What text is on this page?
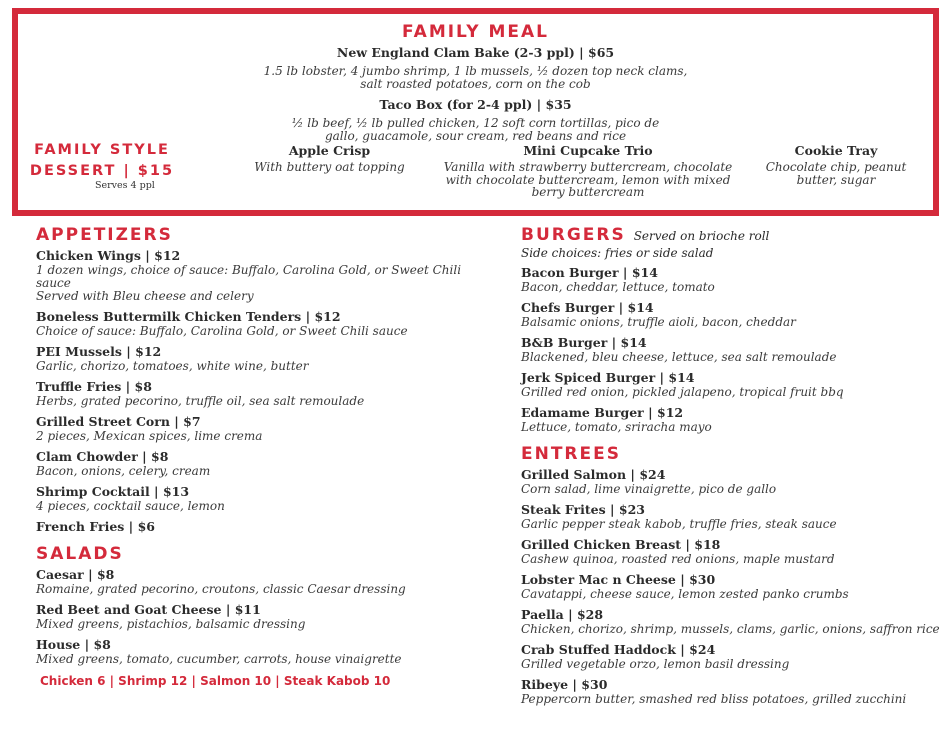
FAMILY MEAL
New England Clam Bake (2-3 ppl) | $65
1.5 lb lobster, 4 jumbo shrimp, 1 lb mussels, ½ dozen top neck clams,
salt roasted potatoes, corn on the cob
Taco Box (for 2-4 ppl) | $35
½ lb beef, ½ lb pulled chicken, 12 soft corn tortillas, pico de
gallo, guacamole, sour cream, red beans and rice
FAMILY STYLE
DESSERT | $15
Serves 4 ppl
Apple Crisp
With buttery oat topping
Mini Cupcake Trio
Vanilla with strawberry buttercream, chocolate with chocolate buttercream, lemon with mixed berry buttercream
Cookie Tray
Chocolate chip, peanut butter, sugar
APPETIZERS
Chicken Wings | $12
1 dozen wings, choice of sauce: Buffalo, Carolina Gold, or Sweet Chili sauce
Served with Bleu cheese and celery
Boneless Buttermilk Chicken Tenders | $12
Choice of sauce: Buffalo, Carolina Gold, or Sweet Chili sauce
PEI Mussels | $12
Garlic, chorizo, tomatoes, white wine, butter
Truffle Fries | $8
Herbs, grated pecorino, truffle oil, sea salt remoulade
Grilled Street Corn | $7
2 pieces, Mexican spices, lime crema
Clam Chowder | $8
Bacon, onions, celery, cream
Shrimp Cocktail | $13
4 pieces, cocktail sauce, lemon
French Fries | $6
SALADS
Caesar | $8
Romaine, grated pecorino, croutons, classic Caesar dressing
Red Beet and Goat Cheese | $11
Mixed greens, pistachios, balsamic dressing
House | $8
Mixed greens, tomato, cucumber, carrots, house vinaigrette
Chicken 6 | Shrimp 12 | Salmon 10 | Steak Kabob 10
BURGERS Served on brioche roll
Side choices: fries or side salad
Bacon Burger | $14
Bacon, cheddar, lettuce, tomato
Chefs Burger | $14
Balsamic onions, truffle aioli, bacon, cheddar
B&B Burger | $14
Blackened, bleu cheese, lettuce, sea salt remoulade
Jerk Spiced Burger | $14
Grilled red onion, pickled jalapeno, tropical fruit bbq
Edamame Burger | $12
Lettuce, tomato, sriracha mayo
ENTREES
Grilled Salmon | $24
Corn salad, lime vinaigrette, pico de gallo
Steak Frites | $23
Garlic pepper steak kabob, truffle fries, steak sauce
Grilled Chicken Breast | $18
Cashew quinoa, roasted red onions, maple mustard
Lobster Mac n Cheese | $30
Cavatappi, cheese sauce, lemon zested panko crumbs
Paella | $28
Chicken, chorizo, shrimp, mussels, clams, garlic, onions, saffron rice
Crab Stuffed Haddock | $24
Grilled vegetable orzo, lemon basil dressing
Ribeye | $30
Peppercorn butter, smashed red bliss potatoes, grilled zucchini
